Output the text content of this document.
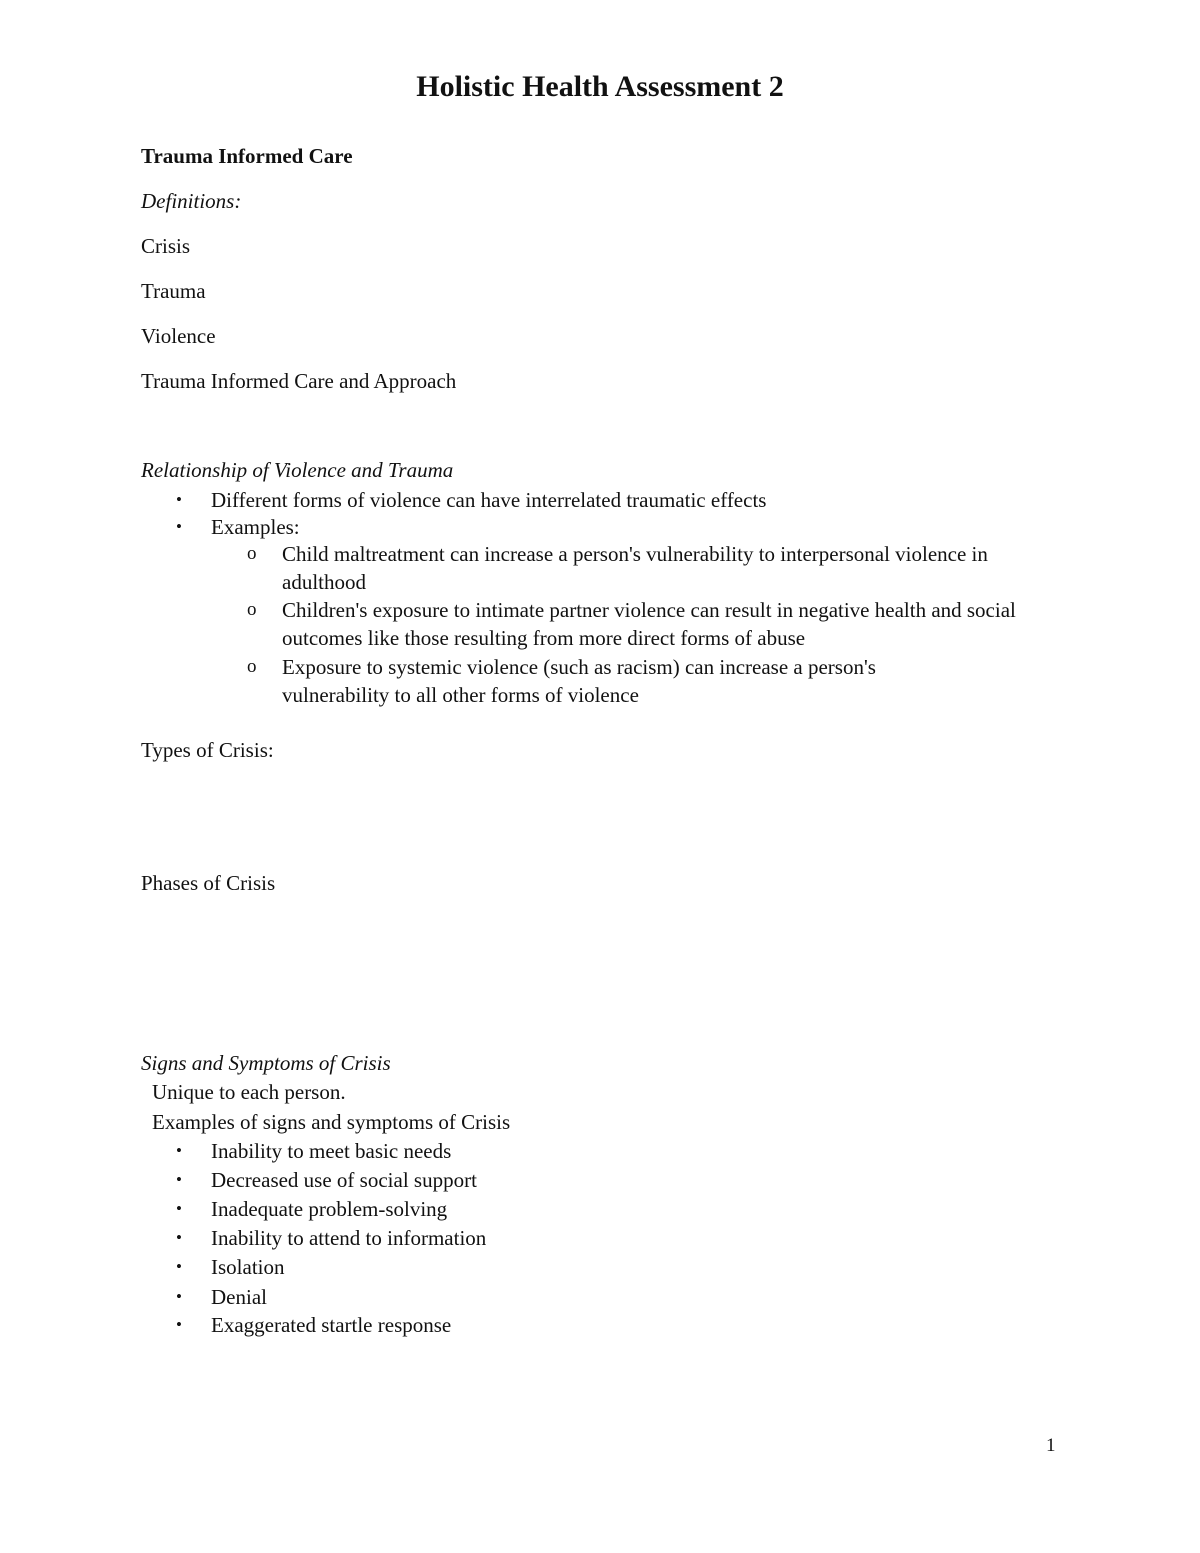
Holistic Health Assessment 2

Trauma Informed Care

Definitions:

Crisis

Trauma

Violence

Trauma Informed Care and Approach

Relationship of Violence and Trauma

• Different forms of violence can have interrelated traumatic effects
• Examples:
o Child maltreatment can increase a person's vulnerability to interpersonal violence in adulthood
o Children's exposure to intimate partner violence can result in negative health and social outcomes like those resulting from more direct forms of abuse
o Exposure to systemic violence (such as racism) can increase a person's vulnerability to all other forms of violence

Types of Crisis:

Phases of Crisis

Signs and Symptoms of Crisis

Unique to each person.

Examples of signs and symptoms of Crisis

• Inability to meet basic needs
• Decreased use of social support
• Inadequate problem-solving
• Inability to attend to information
• Isolation
• Denial
• Exaggerated startle response
1
